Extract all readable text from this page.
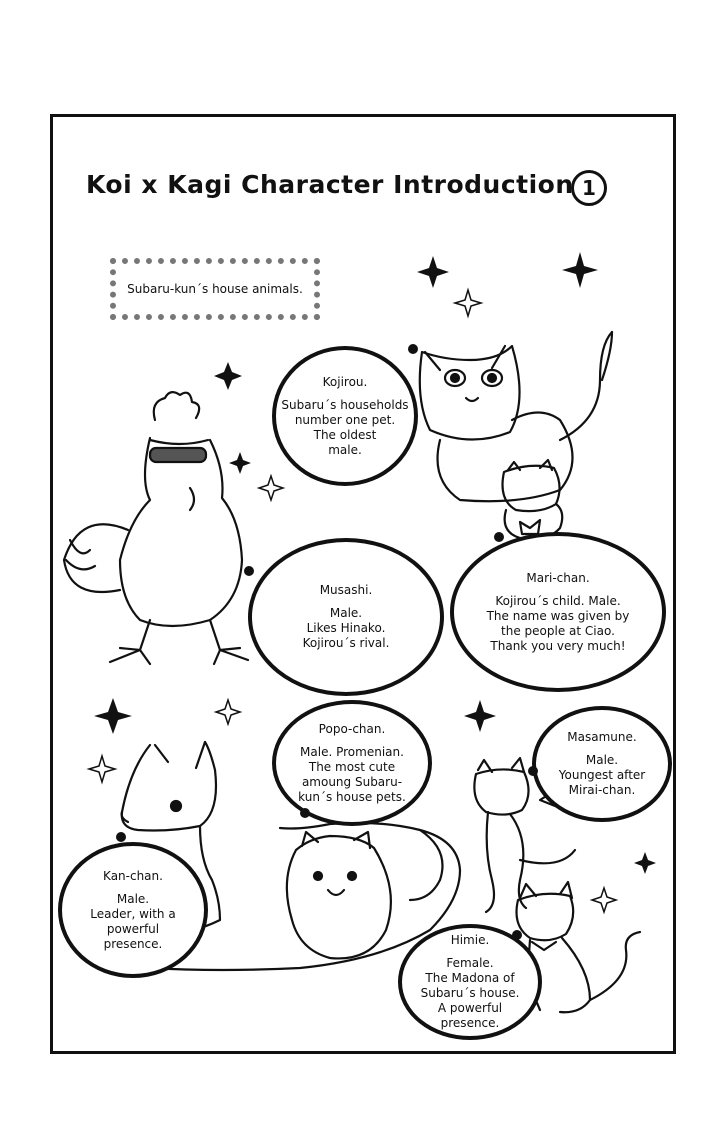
Koi x Kagi Character Introduction 1
Subaru-kun´s house animals.
Kojirou.
Subaru´s households
number one pet.
The oldest
male.
Musashi.
Male.
Likes Hinako.
Kojirou´s rival.
Mari-chan.
Kojirou´s child. Male.
The name was given by
the people at Ciao.
Thank you very much!
Popo-chan.
Male. Promenian.
The most cute
amoung Subaru-
kun´s house pets.
Masamune.
Male.
Youngest after
Mirai-chan.
Kan-chan.
Male.
Leader, with a
powerful
presence.	Himie.
Female.
The Madona of
Subaru´s house.
A powerful
presence.
